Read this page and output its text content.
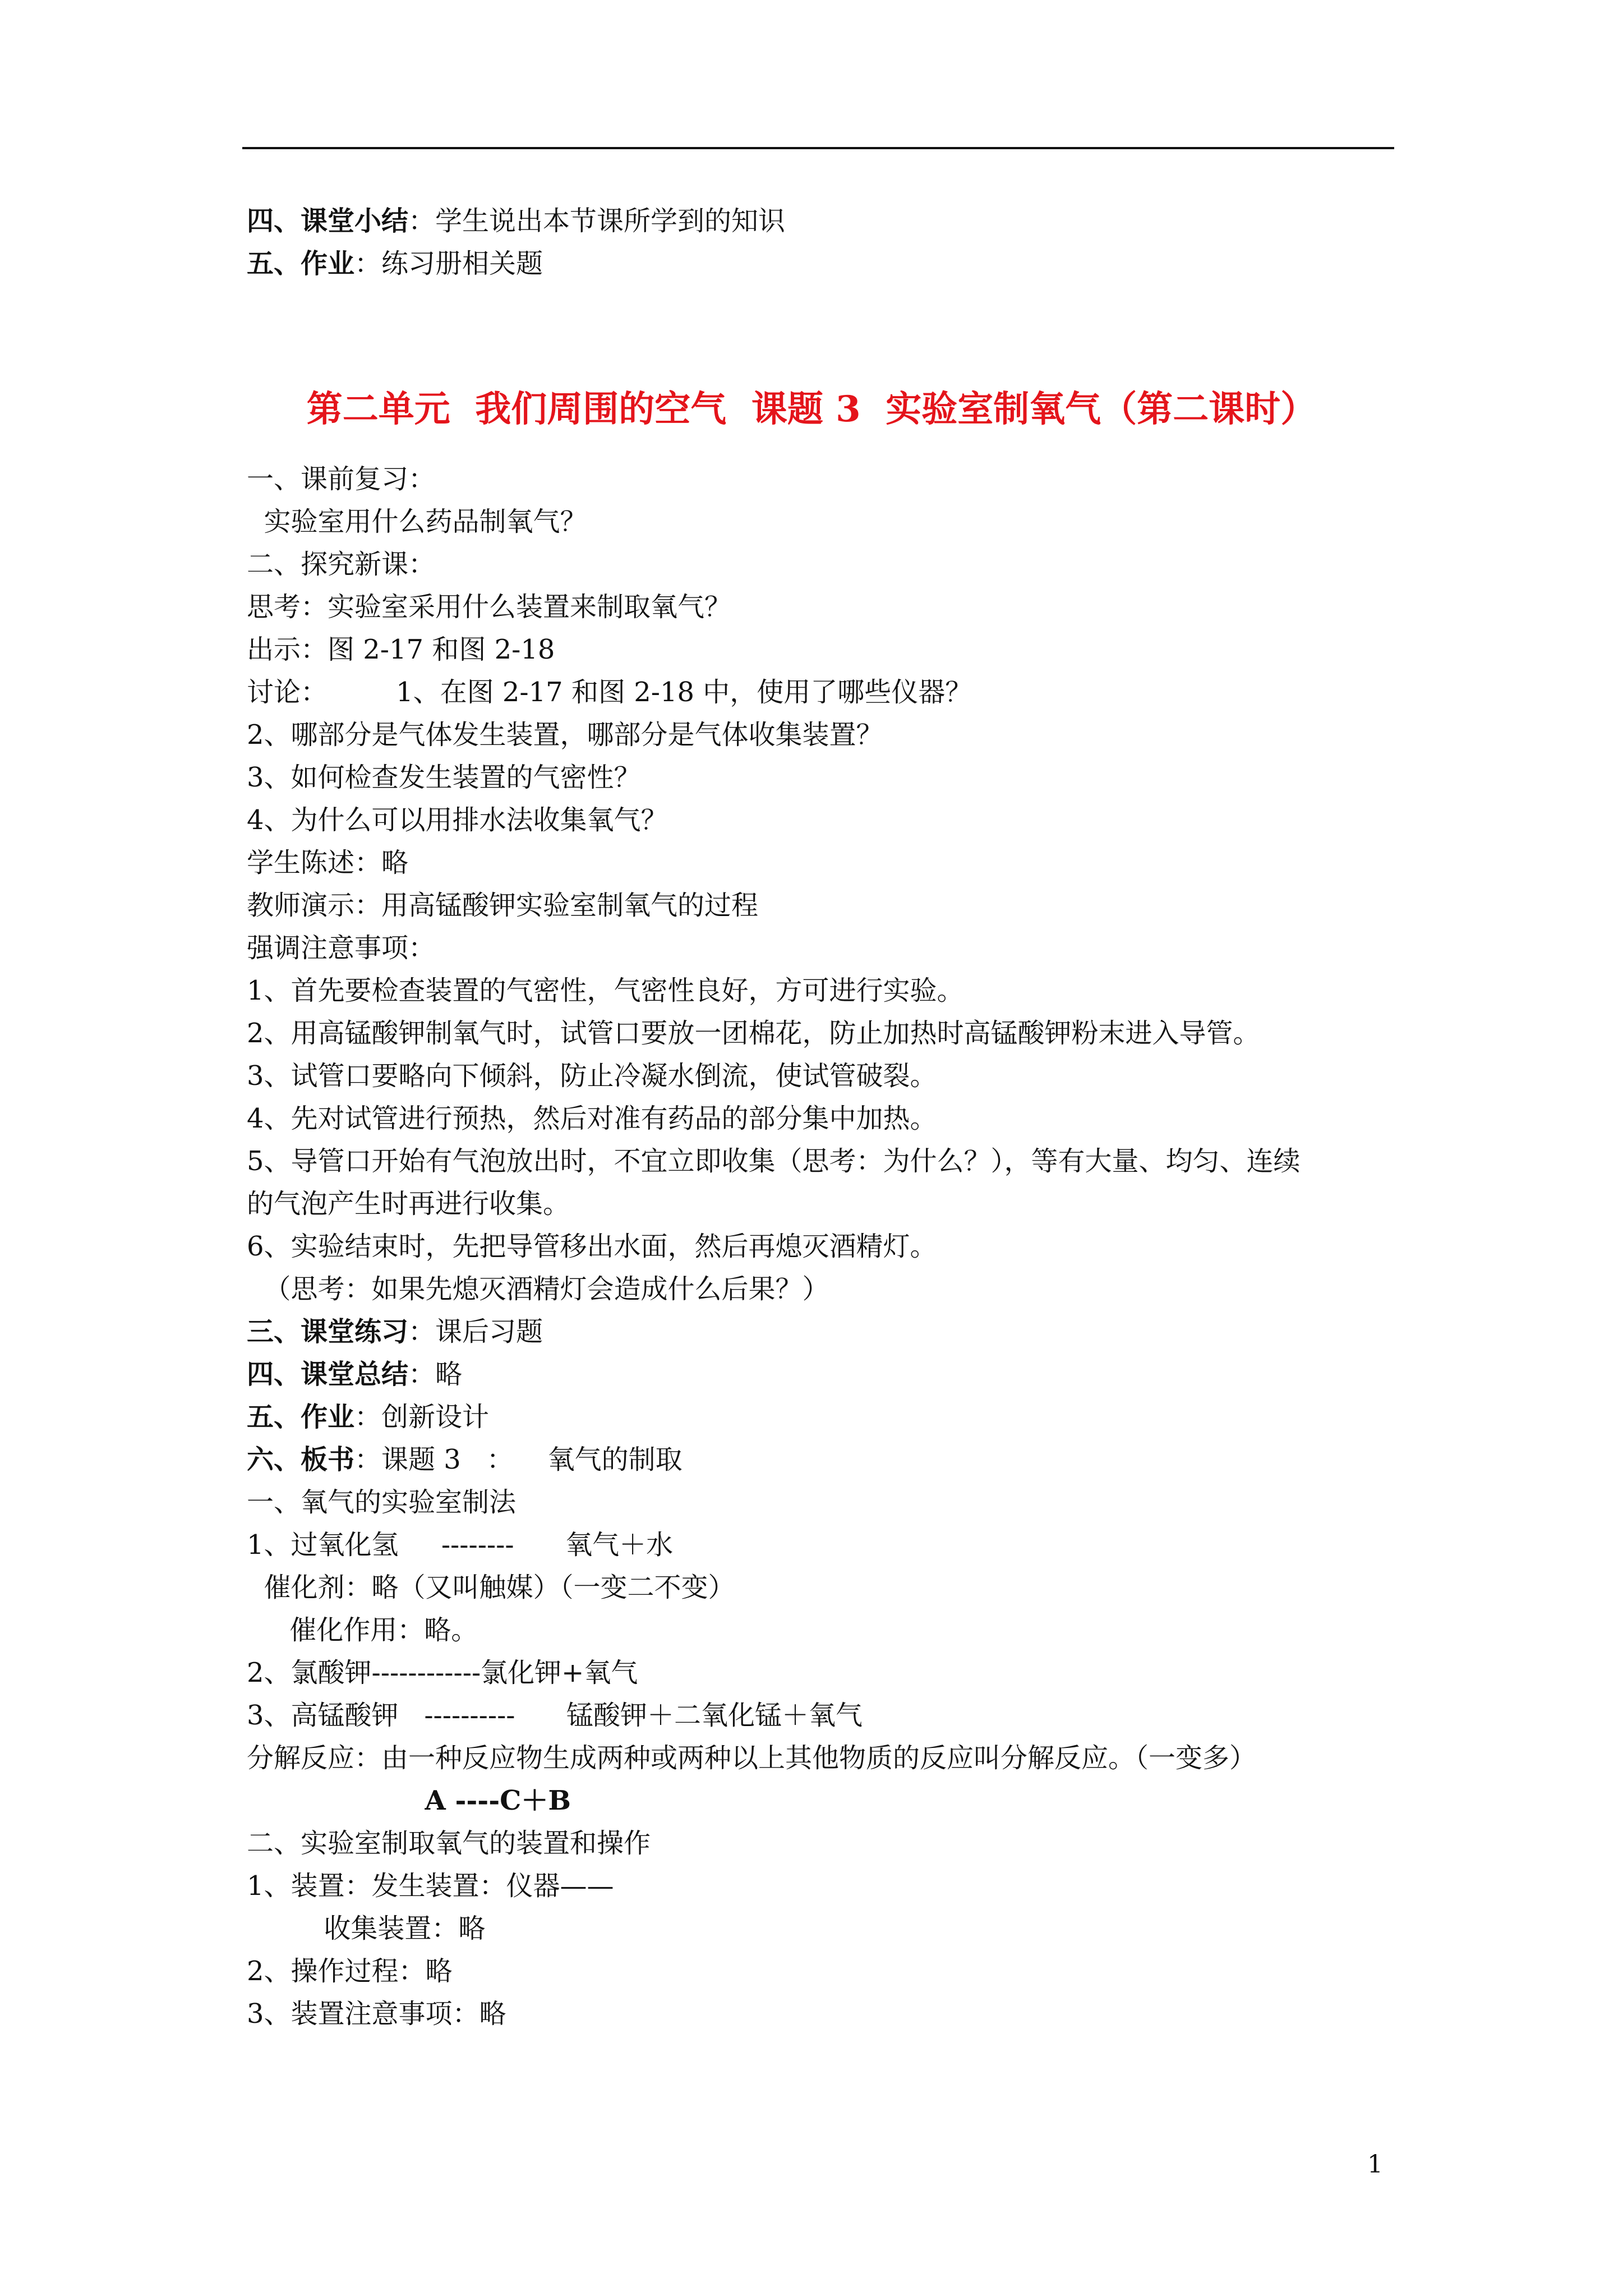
四、课堂小结：学生说出本节课所学到的知识
五、作业：练习册相关题
第二单元  我们周围的空气  课题 3  实验室制氧气（第二课时）
一、课前复习：
实验室用什么药品制氧气？
二、探究新课：
思考：实验室采用什么装置来制取氧气？
出示：图 2-17 和图 2-18
讨论：        1、在图 2-17 和图 2-18 中，使用了哪些仪器？
2、哪部分是气体发生装置，哪部分是气体收集装置？
3、如何检查发生装置的气密性？
4、为什么可以用排水法收集氧气？
学生陈述：略
教师演示：用高锰酸钾实验室制氧气的过程
强调注意事项：
1、首先要检查装置的气密性，气密性良好，方可进行实验。
2、用高锰酸钾制氧气时，试管口要放一团棉花，防止加热时高锰酸钾粉末进入导管。
3、试管口要略向下倾斜，防止冷凝水倒流，使试管破裂。
4、先对试管进行预热，然后对准有药品的部分集中加热。
5、导管口开始有气泡放出时，不宜立即收集（思考：为什么？），等有大量、均匀、连续
的气泡产生时再进行收集。
6、实验结束时，先把导管移出水面，然后再熄灭酒精灯。
（思考：如果先熄灭酒精灯会造成什么后果？）
三、课堂练习：课后习题
四、课堂总结：略
五、作业：创新设计
六、板书：课题 3   ：    氧气的制取
一、氧气的实验室制法
1、过氧化氢     --------      氧气＋水
催化剂：略（又叫触媒）（一变二不变）
催化作用：略。
2、氯酸钾------------氯化钾+氧气
3、高锰酸钾   ----------      锰酸钾＋二氧化锰＋氧气
分解反应：由一种反应物生成两种或两种以上其他物质的反应叫分解反应。（一变多）
A ----C＋B
二、实验室制取氧气的装置和操作
1、装置：发生装置：仪器——
收集装置：略
2、操作过程：略
3、装置注意事项：略
1
